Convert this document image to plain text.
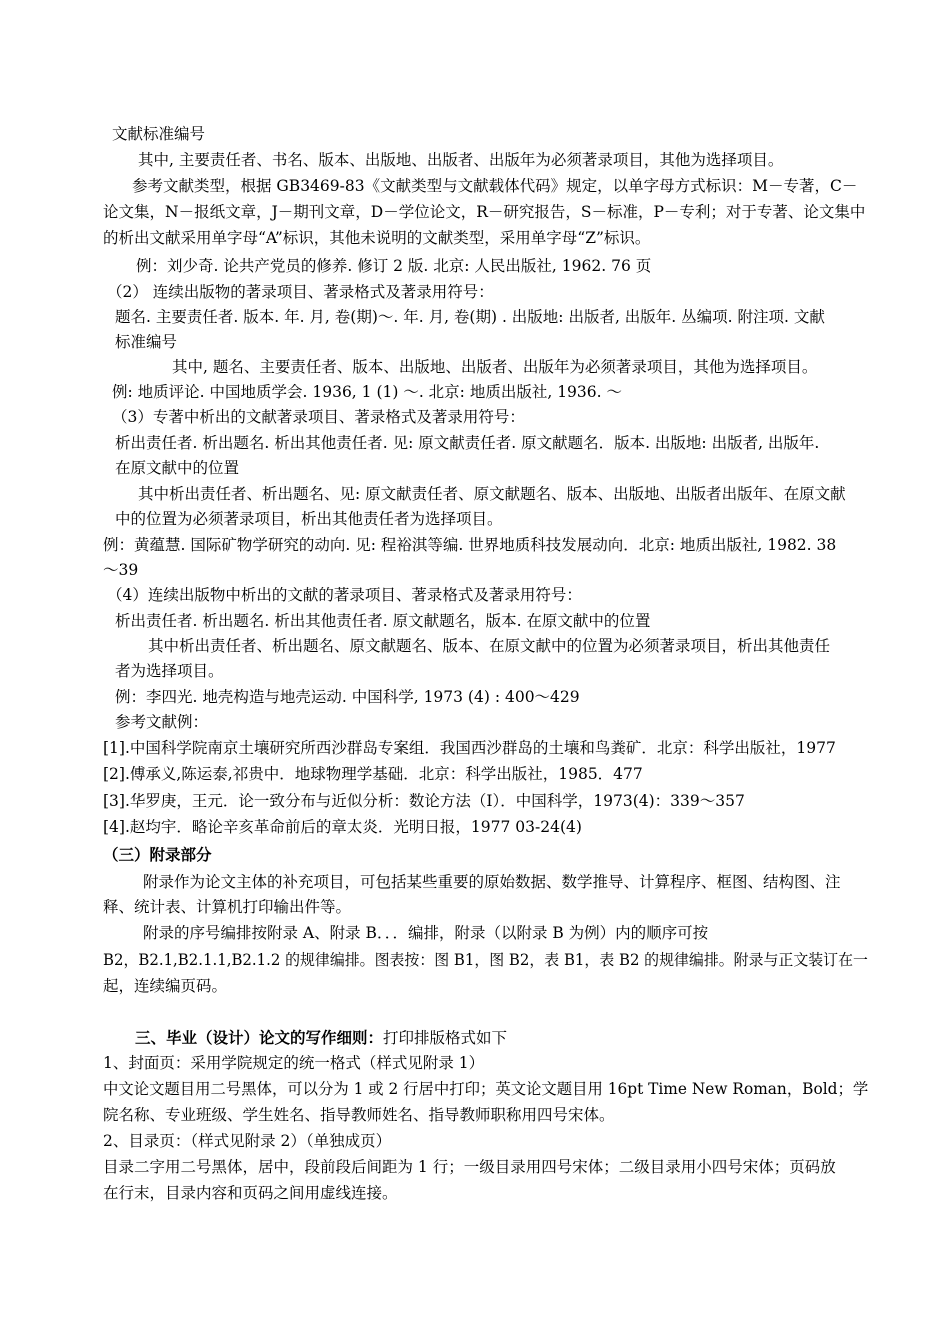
文献标准编号
其中, 主要责任者、书名、版本、出版地、出版者、出版年为必须著录项目，其他为选择项目。
参考文献类型，根据 GB3469-83《文献类型与文献载体代码》规定，以单字母方式标识：M－专著，C－
论文集，N－报纸文章，J－期刊文章，D－学位论文，R－研究报告，S－标准，P－专利；对于专著、论文集中
的析出文献采用单字母“A”标识，其他未说明的文献类型，采用单字母“Z”标识。
例：刘少奇. 论共产党员的修养. 修订 2 版. 北京: 人民出版社, 1962. 76 页
（2） 连续出版物的著录项目、著录格式及著录用符号：
题名. 主要责任者. 版本. 年. 月, 卷(期)～. 年. 月, 卷(期) . 出版地: 出版者, 出版年. 丛编项. 附注项. 文献
标准编号
其中, 题名、主要责任者、版本、出版地、出版者、出版年为必须著录项目，其他为选择项目。
例: 地质评论. 中国地质学会. 1936, 1 (1) ～. 北京: 地质出版社, 1936. ～
（3）专著中析出的文献著录项目、著录格式及著录用符号：
析出责任者. 析出题名. 析出其他责任者. 见: 原文献责任者. 原文献题名．版本. 出版地: 出版者, 出版年.
在原文献中的位置
其中析出责任者、析出题名、见: 原文献责任者、原文献题名、版本、出版地、出版者出版年、在原文献
中的位置为必须著录项目，析出其他责任者为选择项目。
例：黄蕴慧. 国际矿物学研究的动向. 见: 程裕淇等编. 世界地质科技发展动向．北京: 地质出版社, 1982. 38
～39
（4）连续出版物中析出的文献的著录项目、著录格式及著录用符号：
析出责任者. 析出题名. 析出其他责任者. 原文献题名，版本. 在原文献中的位置
其中析出责任者、析出题名、原文献题名、版本、在原文献中的位置为必须著录项目，析出其他责任
者为选择项目。
例：李四光. 地壳构造与地壳运动. 中国科学, 1973 (4) : 400～429
参考文献例：
[1].中国科学院南京土壤研究所西沙群岛专案组．我国西沙群岛的土壤和鸟粪矿．北京：科学出版社，1977
[2].傅承义,陈运泰,祁贵中．地球物理学基础．北京：科学出版社，1985．477
[3].华罗庚，王元．论一致分布与近似分析：数论方法（Ⅰ）．中国科学，1973(4)：339～357
[4].赵均宇．略论辛亥革命前后的章太炎．光明日报，1977 03-24(4)
（三）附录部分
附录作为论文主体的补充项目，可包括某些重要的原始数据、数学推导、计算程序、框图、结构图、注
释、统计表、计算机打印输出件等。
附录的序号编排按附录 A、附录 B．．．编排，附录（以附录 B 为例）内的顺序可按
B2，B2.1,B2.1.1,B2.1.2 的规律编排。图表按：图 B1，图 B2，表 B1，表 B2 的规律编排。附录与正文装订在一
起，连续编页码。
三、毕业（设计）论文的写作细则：打印排版格式如下
1、封面页：采用学院规定的统一格式（样式见附录 1）
中文论文题目用二号黑体，可以分为 1 或 2 行居中打印；英文论文题目用 16pt Time New Roman，Bold；学
院名称、专业班级、学生姓名、指导教师姓名、指导教师职称用四号宋体。
2、目录页：（样式见附录 2）（单独成页）
目录二字用二号黑体，居中，段前段后间距为 1 行；一级目录用四号宋体；二级目录用小四号宋体；页码放
在行末，目录内容和页码之间用虚线连接。
